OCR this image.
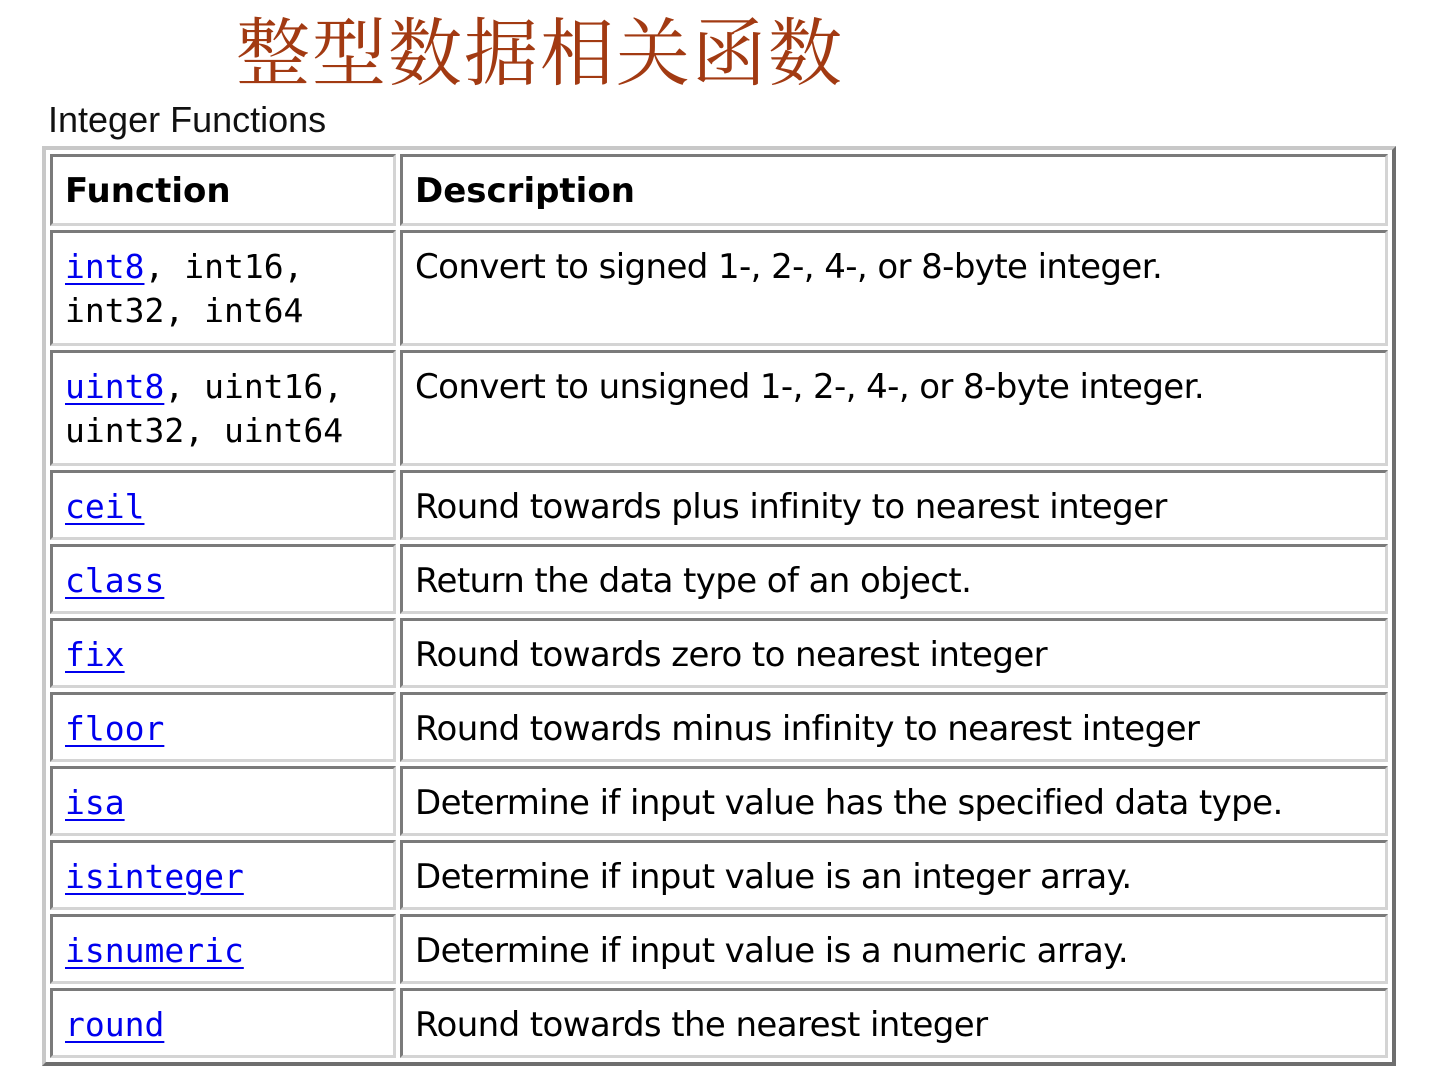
整型数据相关函数
Integer Functions
Function	Description

int8, int16,
int32, int64	Convert to signed 1-, 2-, 4-, or 8-byte integer.

uint8, uint16,
uint32, uint64	Convert to unsigned 1-, 2-, 4-, or 8-byte integer.

ceil	Round towards plus infinity to nearest integer

class	Return the data type of an object.

fix	Round towards zero to nearest integer

floor	Round towards minus infinity to nearest integer

isa	Determine if input value has the specified data type.

isinteger	Determine if input value is an integer array.

isnumeric	Determine if input value is a numeric array.

round	Round towards the nearest integer
